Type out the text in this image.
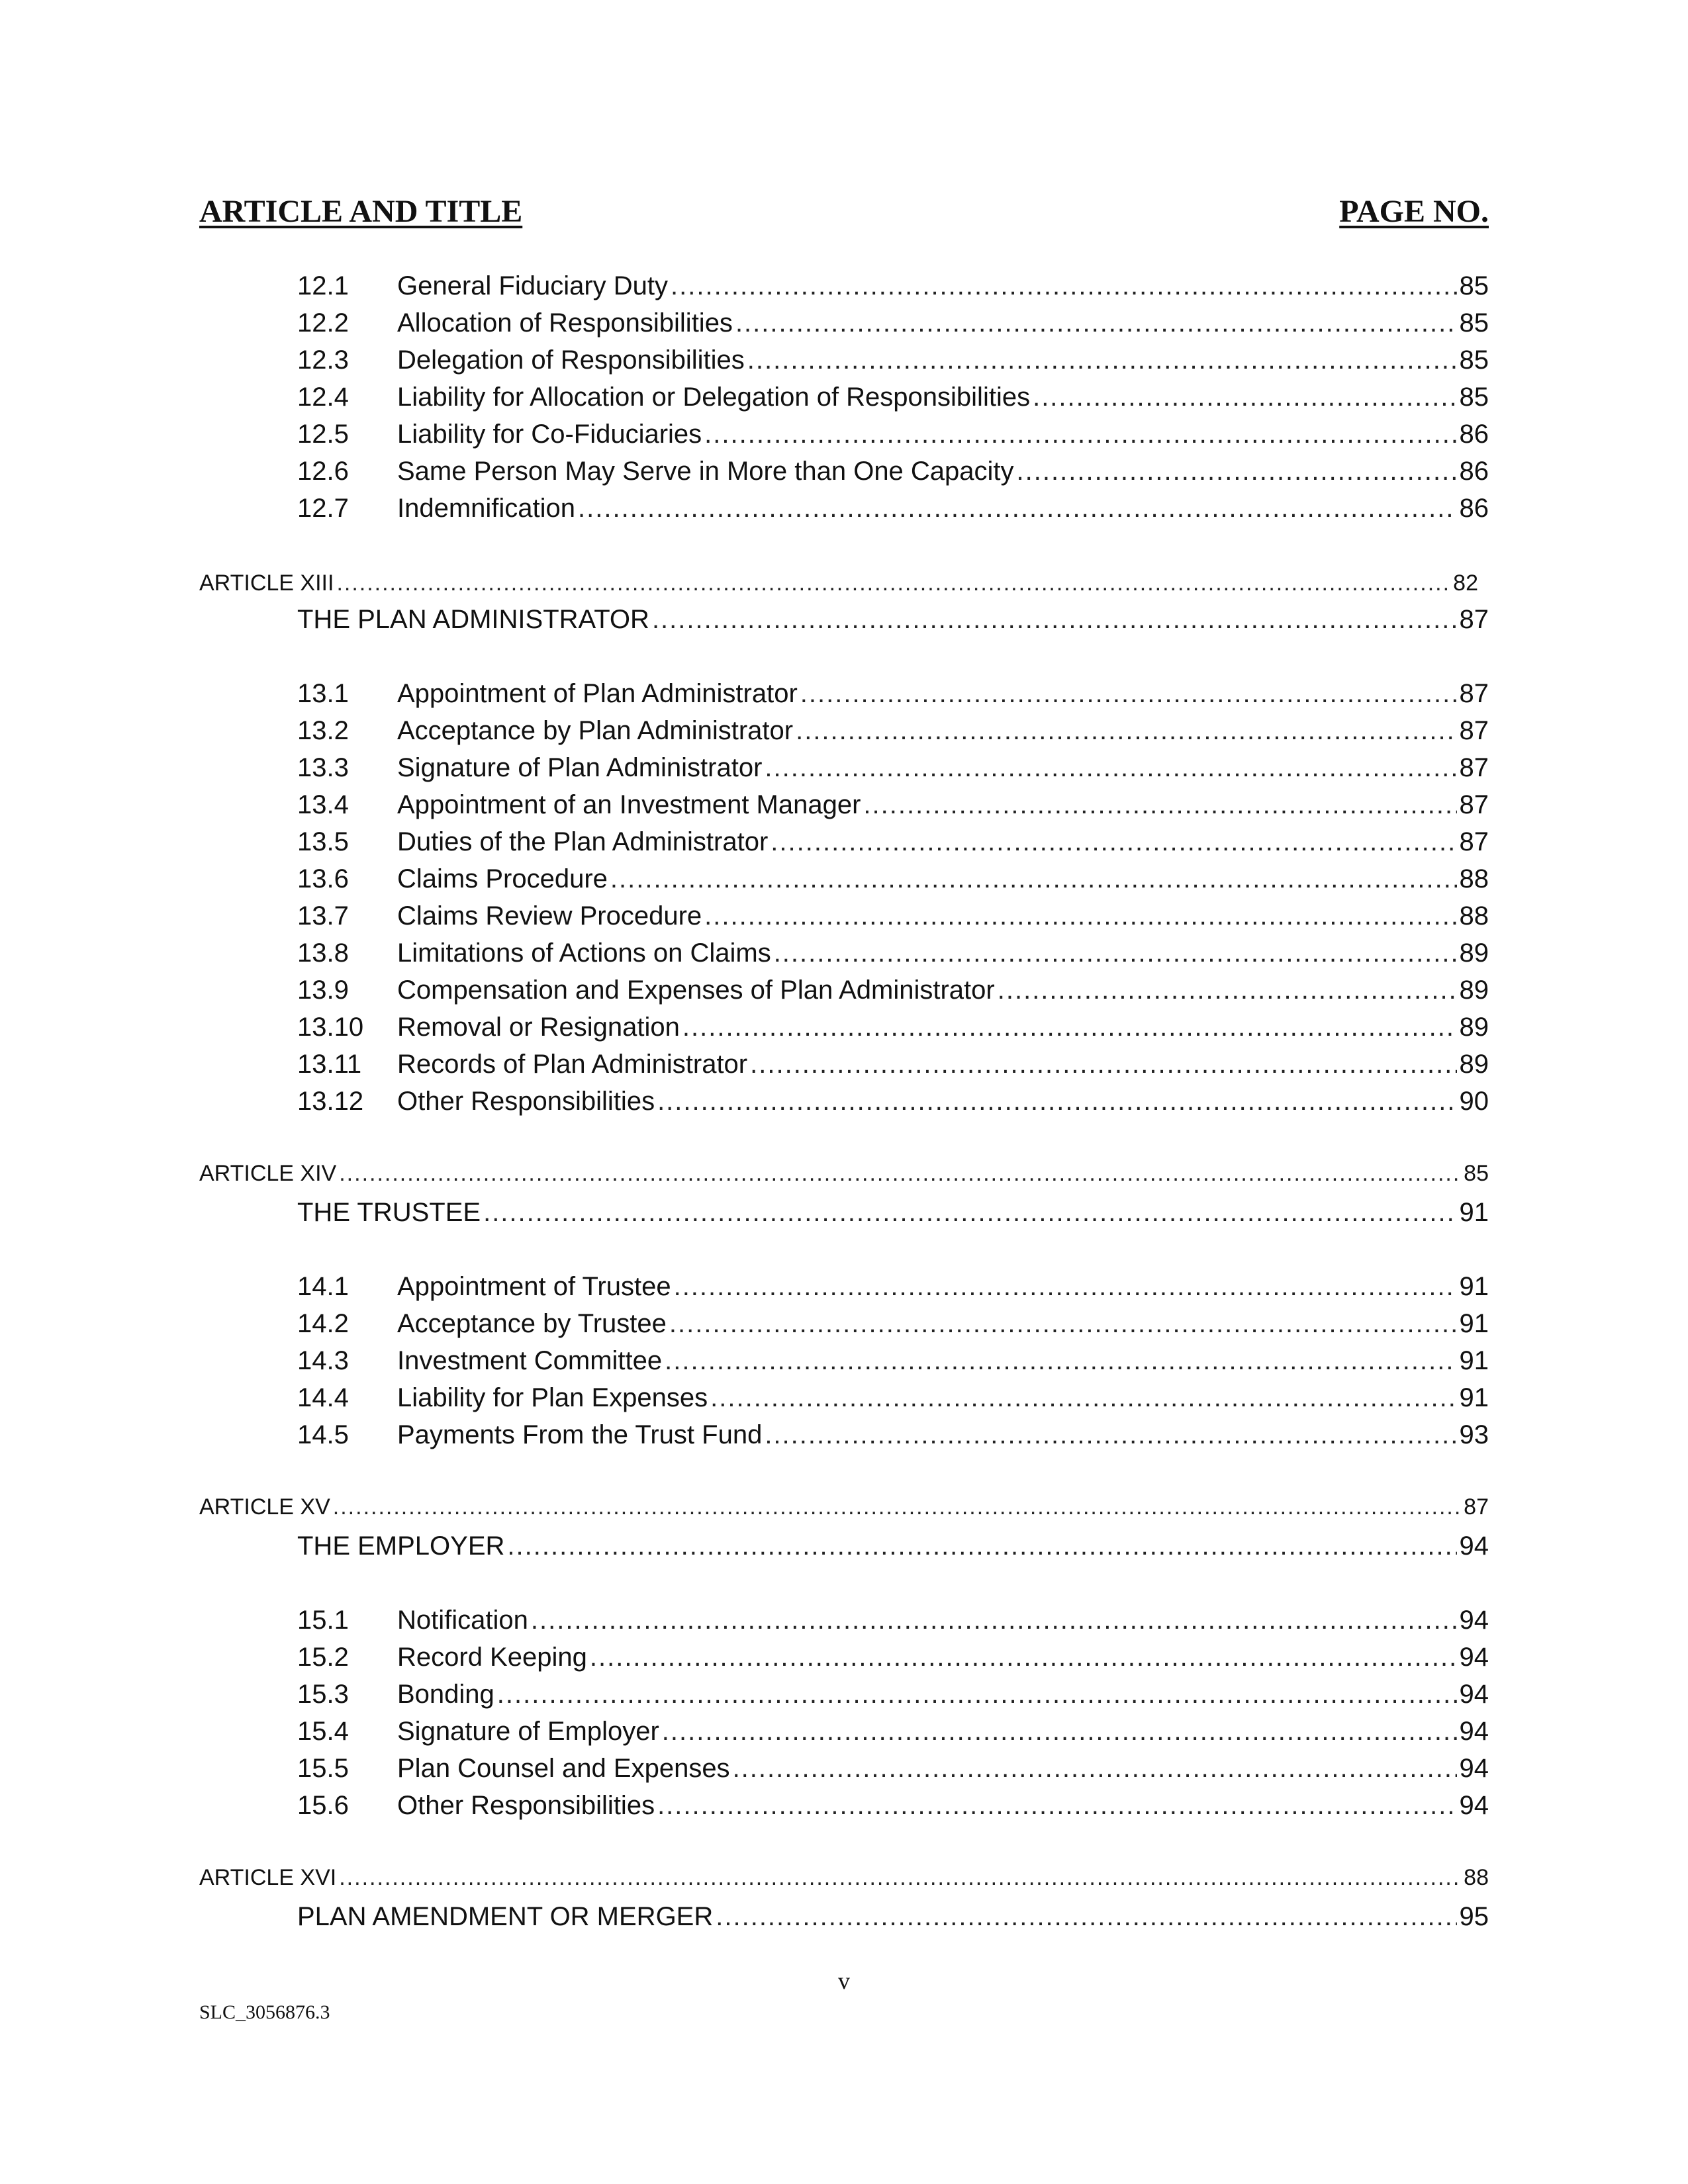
ARTICLE AND TITLE	PAGE NO.
12.1	General Fiduciary Duty .....	85
12.2	Allocation of Responsibilities .....	85
12.3	Delegation of Responsibilities .....	85
12.4	Liability for Allocation or Delegation of Responsibilities .....	85
12.5	Liability for Co-Fiduciaries .....	86
12.6	Same Person May Serve in More than One Capacity .....	86
12.7	Indemnification .....	86
ARTICLE XIII .....	82
THE PLAN ADMINISTRATOR .....	87
13.1	Appointment of Plan Administrator .....	87
13.2	Acceptance by Plan Administrator .....	87
13.3	Signature of Plan Administrator .....	87
13.4	Appointment of an Investment Manager .....	87
13.5	Duties of the Plan Administrator .....	87
13.6	Claims Procedure .....	88
13.7	Claims Review Procedure .....	88
13.8	Limitations of Actions on Claims .....	89
13.9	Compensation and Expenses of Plan Administrator .....	89
13.10	Removal or Resignation .....	89
13.11	Records of Plan Administrator .....	89
13.12	Other Responsibilities .....	90
ARTICLE XIV .....	85
THE TRUSTEE .....	91
14.1	Appointment of Trustee .....	91
14.2	Acceptance by Trustee .....	91
14.3	Investment Committee .....	91
14.4	Liability for Plan Expenses .....	91
14.5	Payments From the Trust Fund .....	93
ARTICLE XV .....	87
THE EMPLOYER .....	94
15.1	Notification .....	94
15.2	Record Keeping .....	94
15.3	Bonding .....	94
15.4	Signature of Employer .....	94
15.5	Plan Counsel and Expenses .....	94
15.6	Other Responsibilities .....	94
ARTICLE XVI .....	88
PLAN AMENDMENT OR MERGER .....	95
v
SLC_3056876.3
